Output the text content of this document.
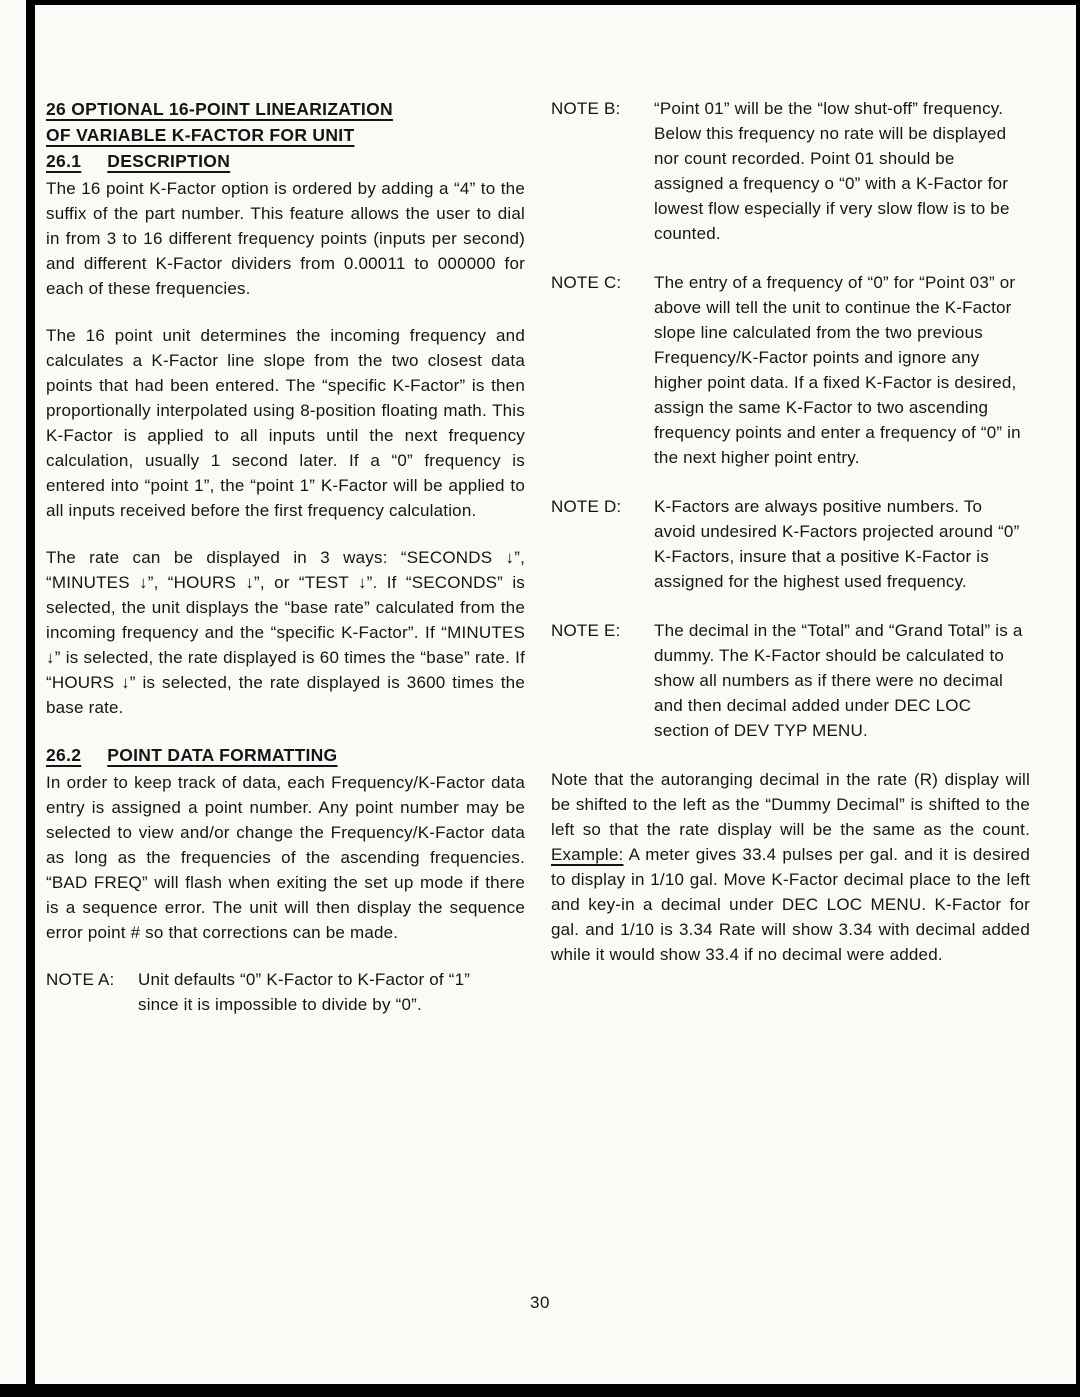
26 OPTIONAL 16-POINT LINEARIZATION
OF VARIABLE K-FACTOR FOR UNIT
26.1 DESCRIPTION

The 16 point K-Factor option is ordered by adding a “4” to the suffix of the part number. This feature allows the user to dial in from 3 to 16 different frequency points (inputs per second) and different K-Factor dividers from 0.00011 to 000000 for each of these frequencies.

The 16 point unit determines the incoming frequency and calculates a K-Factor line slope from the two closest data points that had been entered. The “specific K-Factor” is then proportionally interpolated using 8-position floating math. This K-Factor is applied to all inputs until the next frequency calculation, usually 1 second later. If a “0” frequency is entered into “point 1”, the “point 1” K-Factor will be applied to all inputs received before the first frequency calculation.

The rate can be displayed in 3 ways: “SECONDS ↓”, “MINUTES ↓”, “HOURS ↓”, or “TEST ↓”. If “SECONDS” is selected, the unit displays the “base rate” calculated from the incoming frequency and the “specific K-Factor”. If “MINUTES ↓” is selected, the rate displayed is 60 times the “base” rate. If “HOURS ↓” is selected, the rate displayed is 3600 times the base rate.

26.2 POINT DATA FORMATTING

In order to keep track of data, each Frequency/K-Factor data entry is assigned a point number. Any point number may be selected to view and/or change the Frequency/K-Factor data as long as the frequencies of the ascending frequencies. “BAD FREQ” will flash when exiting the set up mode if there is a sequence error. The unit will then display the sequence error point # so that corrections can be made.

NOTE A:	Unit defaults “0” K-Factor to K-Factor of “1” since it is impossible to divide by “0”.
NOTE B:	“Point 01” will be the “low shut-off” frequency. Below this frequency no rate will be displayed nor count recorded. Point 01 should be assigned a frequency o “0” with a K-Factor for lowest flow especially if very slow flow is to be counted.
NOTE C:	The entry of a frequency of “0” for “Point 03” or above will tell the unit to continue the K-Factor slope line calculated from the two previous Frequency/K-Factor points and ignore any higher point data. If a fixed K-Factor is desired, assign the same K-Factor to two ascending frequency points and enter a frequency of “0” in the next higher point entry.
NOTE D:	K-Factors are always positive numbers. To avoid undesired K-Factors projected around “0” K-Factors, insure that a positive K-Factor is assigned for the highest used frequency.
NOTE E:	The decimal in the “Total” and “Grand Total” is a dummy. The K-Factor should be calculated to show all numbers as if there were no decimal and then decimal added under DEC LOC section of DEV TYP MENU.

Note that the autoranging decimal in the rate (R) display will be shifted to the left as the “Dummy Decimal” is shifted to the left so that the rate display will be the same as the count. Example: A meter gives 33.4 pulses per gal. and it is desired to display in 1/10 gal. Move K-Factor decimal place to the left and key-in a decimal under DEC LOC MENU. K-Factor for gal. and 1/10 is 3.34 Rate will show 3.34 with decimal added while it would show 33.4 if no decimal were added.

30
